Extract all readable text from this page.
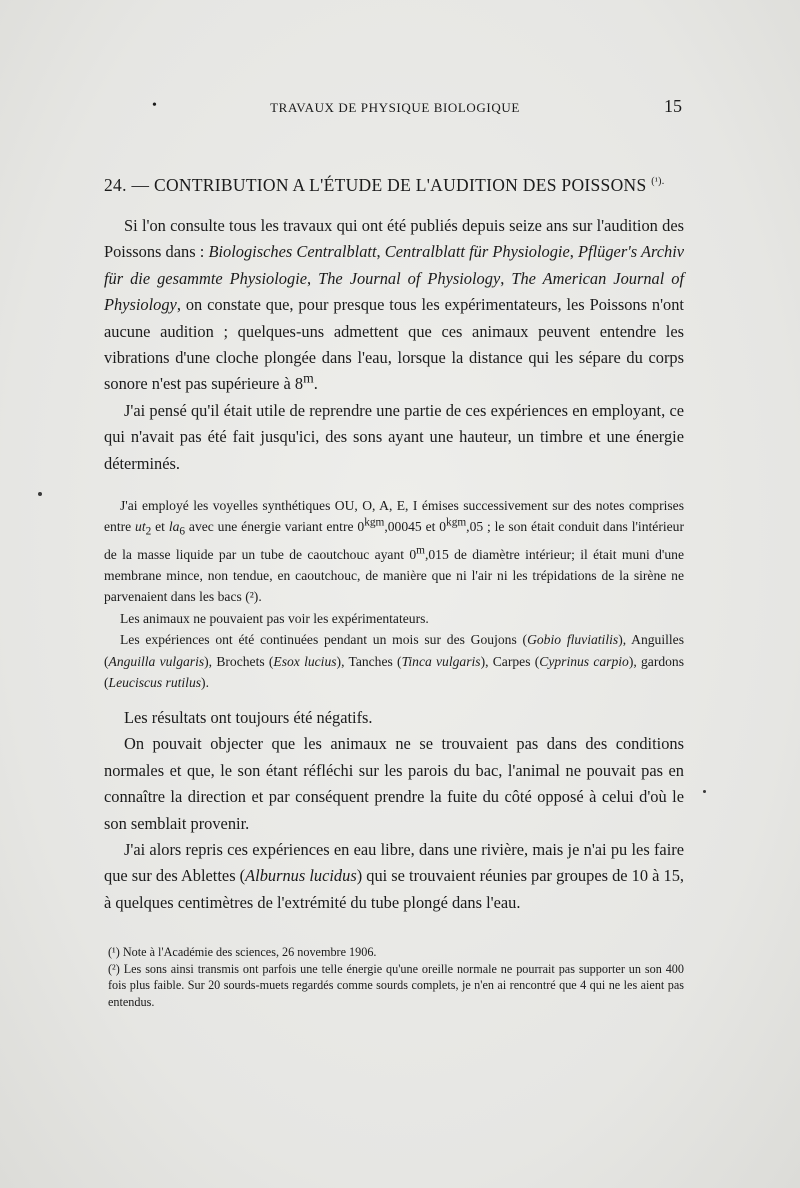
•	TRAVAUX DE PHYSIQUE BIOLOGIQUE	15
24. — CONTRIBUTION A L'ÉTUDE DE L'AUDITION DES POISSONS $^{(^1).}$

Si l'on consulte tous les travaux qui ont été publiés depuis seize ans sur l'audition des Poissons dans : Biologisches Centralblatt, Centralblatt für Physiologie, Pflüger's Archiv für die gesammte Physiologie, The Journal of Physiology, The American Journal of Physiology, on constate que, pour presque tous les expérimentateurs, les Poissons n'ont aucune audition ; quelques-uns admettent que ces animaux peuvent entendre les vibrations d'une cloche plongée dans l'eau, lorsque la distance qui les sépare du corps sonore n'est pas supérieure à 8$^m$.

J'ai pensé qu'il était utile de reprendre une partie de ces expériences en employant, ce qui n'avait pas été fait jusqu'ici, des sons ayant une hauteur, un timbre et une énergie déterminés.

J'ai employé les voyelles synthétiques OU, O, A, E, I émises successivement sur des notes comprises entre $ut_2$ et $la_6$ avec une énergie variant entre $0^{kgm},00045$ et $0^{kgm},05$ ; le son était conduit dans l'intérieur de la masse liquide par un tube de caoutchouc ayant 0$^m$,015 de diamètre intérieur; il était muni d'une membrane mince, non tendue, en caoutchouc, de manière que ni l'air ni les trépidations de la sirène ne parvenaient dans les bacs (²).

Les animaux ne pouvaient pas voir les expérimentateurs.

Les expériences ont été continuées pendant un mois sur des Goujons (Gobio fluviatilis), Anguilles (Anguilla vulgaris), Brochets (Esox lucius), Tanches (Tinca vulgaris), Carpes (Cyprinus carpio), gardons (Leuciscus rutilus).

Les résultats ont toujours été négatifs.

On pouvait objecter que les animaux ne se trouvaient pas dans des conditions normales et que, le son étant réfléchi sur les parois du bac, l'animal ne pouvait pas en connaître la direction et par conséquent prendre la fuite du côté opposé à celui d'où le son semblait provenir.

J'ai alors repris ces expériences en eau libre, dans une rivière, mais je n'ai pu les faire que sur des Ablettes (Alburnus lucidus) qui se trouvaient réunies par groupes de 10 à 15, à quelques centimètres de l'extrémité du tube plongé dans l'eau.

(¹) Note à l'Académie des sciences, 26 novembre 1906.

(²) Les sons ainsi transmis ont parfois une telle énergie qu'une oreille normale ne pourrait pas supporter un son 400 fois plus faible. Sur 20 sourds-muets regardés comme sourds complets, je n'en ai rencontré que 4 qui ne les aient pas entendus.
